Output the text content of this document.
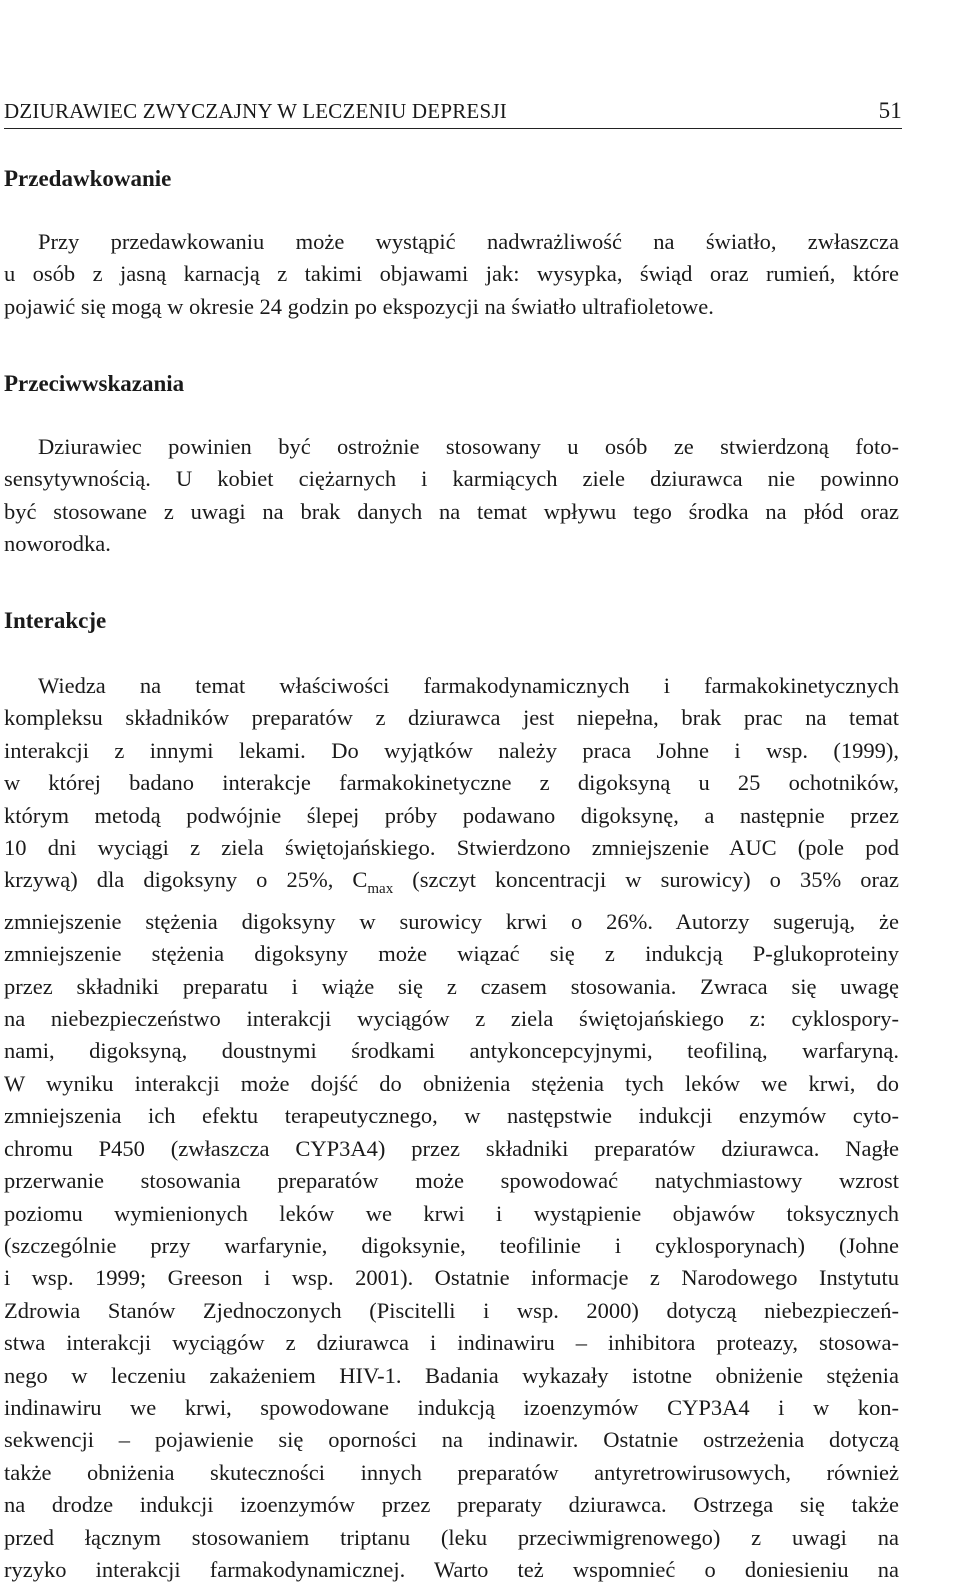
DZIURAWIEC ZWYCZAJNY W LECZENIU DEPRESJI	51
Przedawkowanie
Przy przedawkowaniu może wystąpić nadwrażliwość na światło, zwłaszcza
u osób z jasną karnacją z takimi objawami jak: wysypka, świąd oraz rumień, które
pojawić się mogą w okresie 24 godzin po ekspozycji na światło ultrafioletowe.
Przeciwwskazania
Dziurawiec powinien być ostrożnie stosowany u osób ze stwierdzoną foto-
sensytywnością. U kobiet ciężarnych i karmiących ziele dziurawca nie powinno
być stosowane z uwagi na brak danych na temat wpływu tego środka na płód oraz
noworodka.
Interakcje
Wiedza na temat właściwości farmakodynamicznych i farmakokinetycznych
kompleksu składników preparatów z dziurawca jest niepełna, brak prac na temat
interakcji z innymi lekami. Do wyjątków należy praca Johne i wsp. (1999),
w której badano interakcje farmakokinetyczne z digoksyną u 25 ochotników,
którym metodą podwójnie ślepej próby podawano digoksynę, a następnie przez
10 dni wyciągi z ziela świętojańskiego. Stwierdzono zmniejszenie AUC (pole pod
krzywą) dla digoksyny o 25%, $C_{max}$ (szczyt koncentracji w surowicy) o 35% oraz
zmniejszenie stężenia digoksyny w surowicy krwi o 26%. Autorzy sugerują, że
zmniejszenie stężenia digoksyny może wiązać się z indukcją P-glukoproteiny
przez składniki preparatu i wiąże się z czasem stosowania. Zwraca się uwagę
na niebezpieczeństwo interakcji wyciągów z ziela świętojańskiego z: cyklospory-
nami, digoksyną, doustnymi środkami antykoncepcyjnymi, teofiliną, warfaryną.
W wyniku interakcji może dojść do obniżenia stężenia tych leków we krwi, do
zmniejszenia ich efektu terapeutycznego, w następstwie indukcji enzymów cyto-
chromu P450 (zwłaszcza CYP3A4) przez składniki preparatów dziurawca. Nagłe
przerwanie stosowania preparatów może spowodować natychmiastowy wzrost
poziomu wymienionych leków we krwi i wystąpienie objawów toksycznych
(szczególnie przy warfarynie, digoksynie, teofilinie i cyklosporynach) (Johne
i wsp. 1999; Greeson i wsp. 2001). Ostatnie informacje z Narodowego Instytutu
Zdrowia Stanów Zjednoczonych (Piscitelli i wsp. 2000) dotyczą niebezpieczeń-
stwa interakcji wyciągów z dziurawca i indinawiru – inhibitora proteazy, stosowa-
nego w leczeniu zakażeniem HIV-1. Badania wykazały istotne obniżenie stężenia
indinawiru we krwi, spowodowane indukcją izoenzymów CYP3A4 i w kon-
sekwencji – pojawienie się oporności na indinawir. Ostatnie ostrzeżenia dotyczą
także obniżenia skuteczności innych preparatów antyretrowirusowych, również
na drodze indukcji izoenzymów przez preparaty dziurawca. Ostrzega się także
przed łącznym stosowaniem triptanu (leku przeciwmigrenowego) z uwagi na
ryzyko interakcji farmakodynamicznej. Warto też wspomnieć o doniesieniu na
